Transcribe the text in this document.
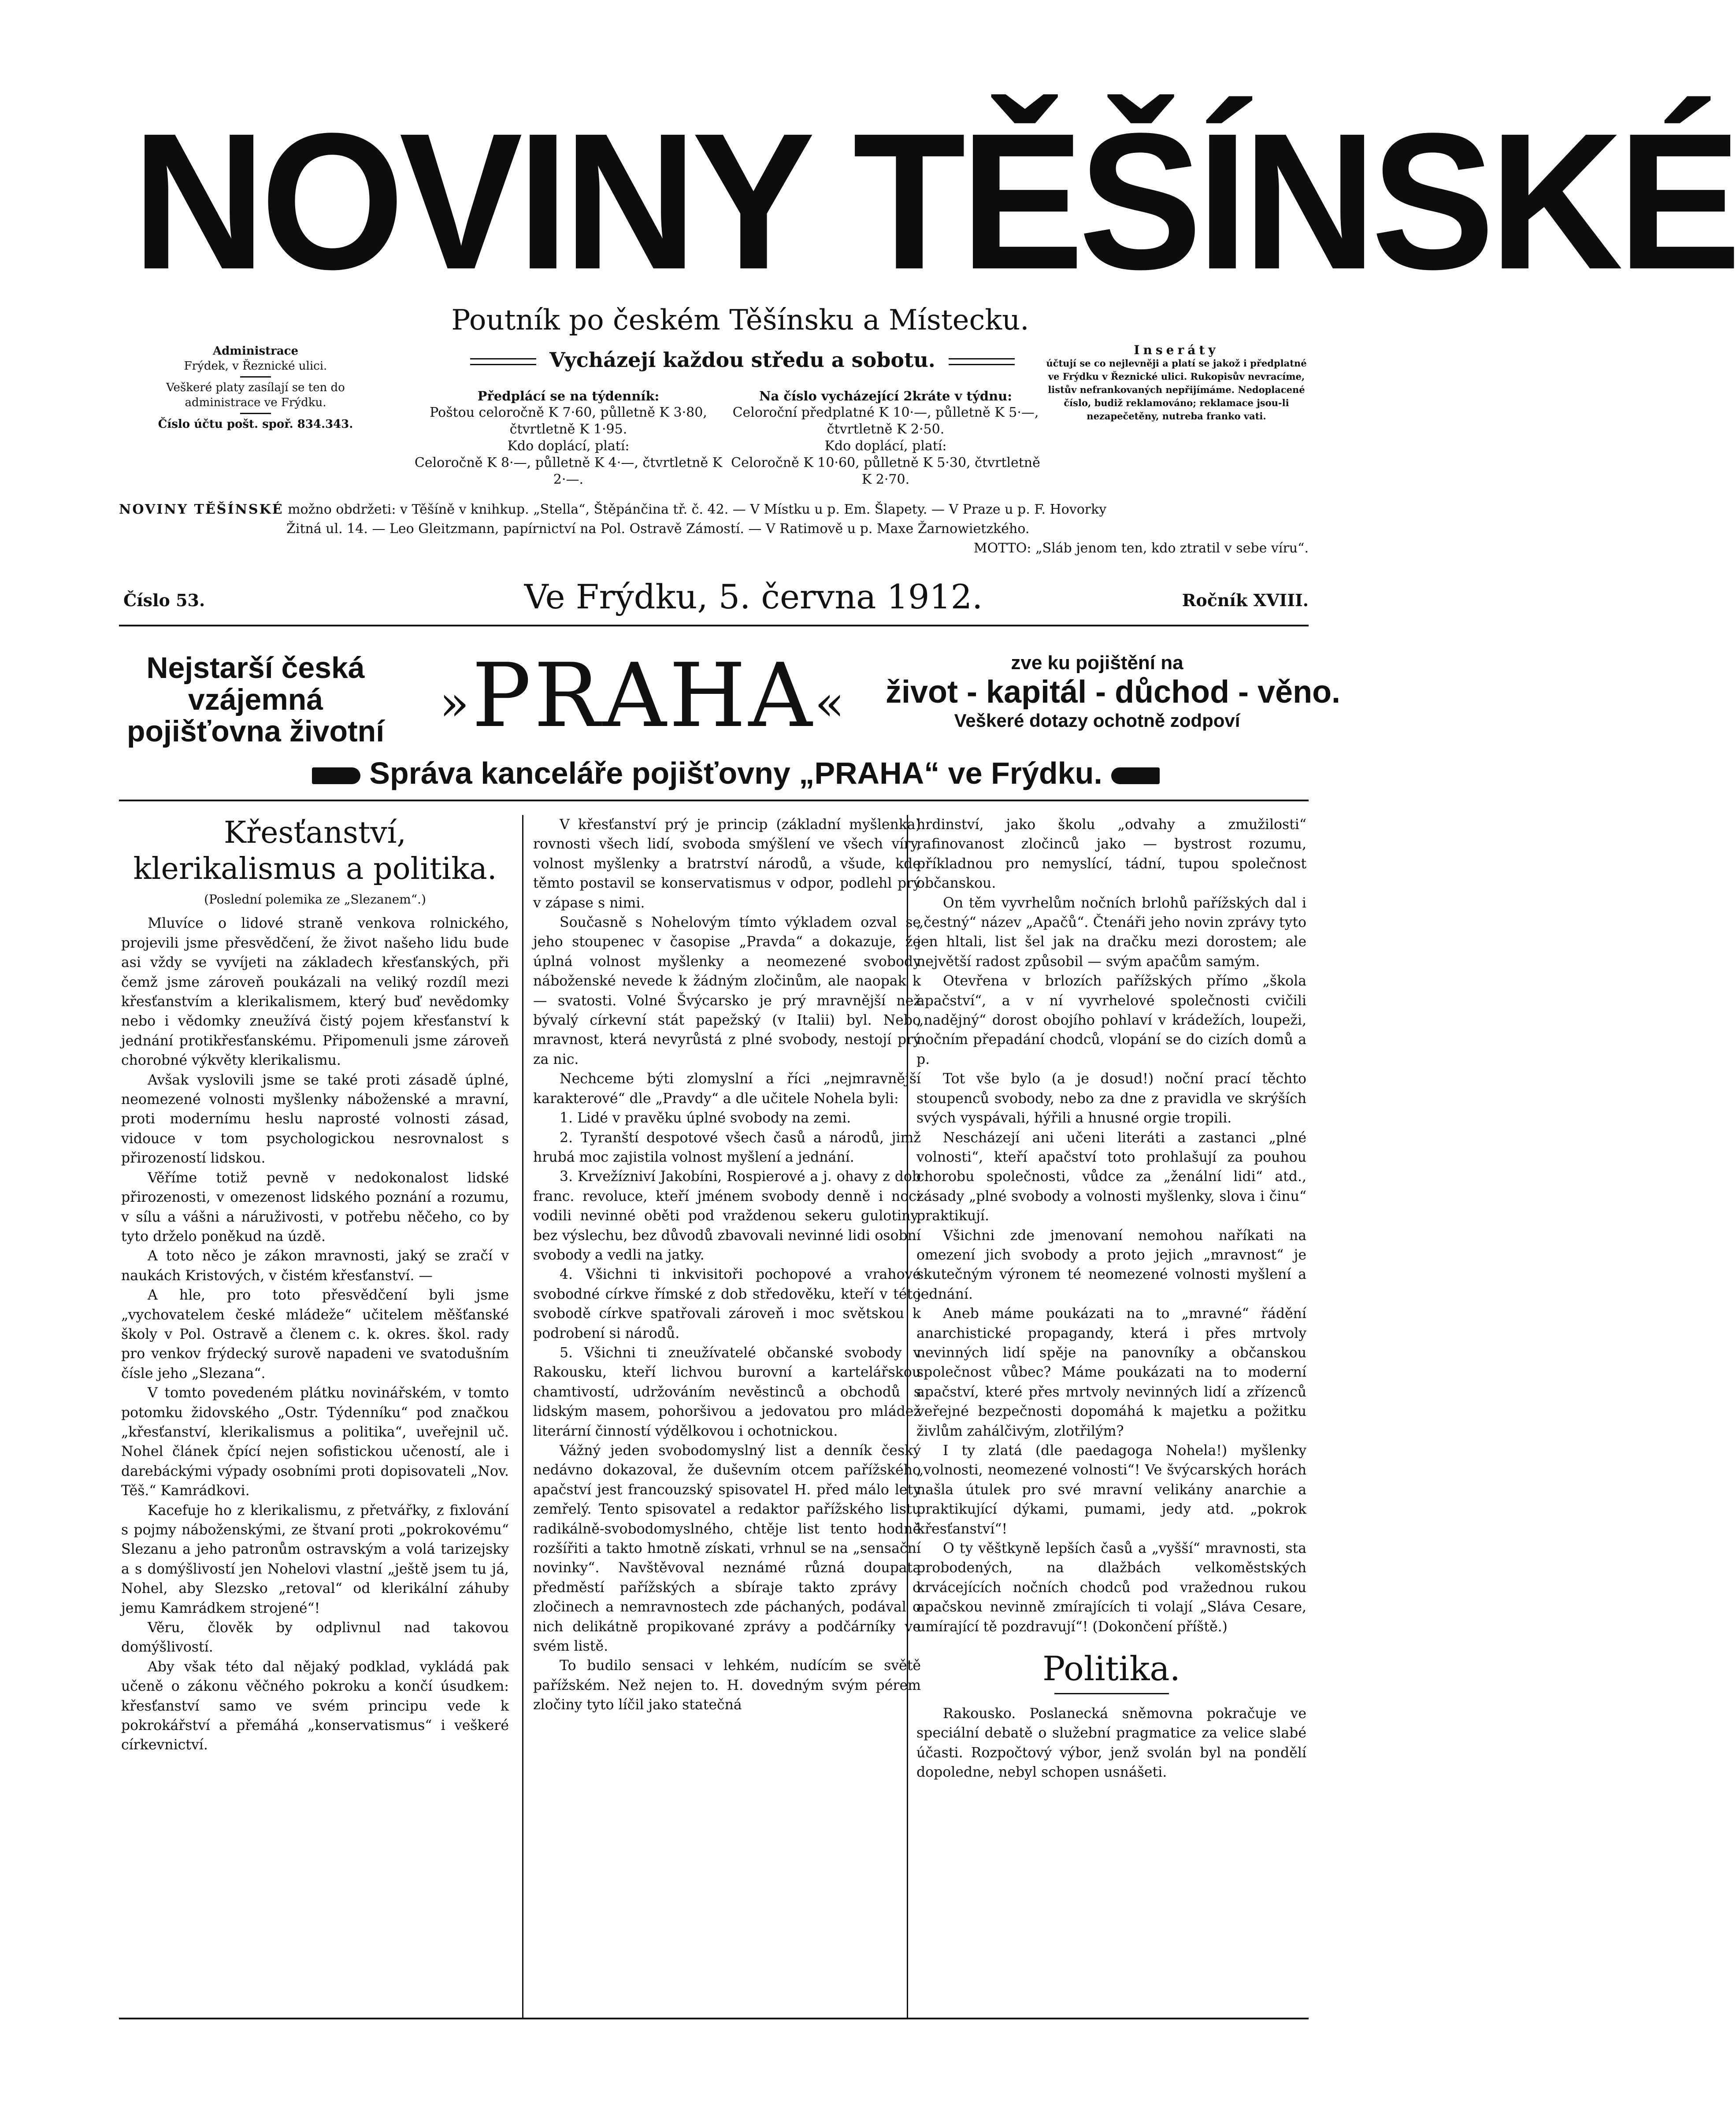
NOVINY TĚŠÍNSKÉ
Poutník po českém Těšínsku a Místecku.
Vycházejí každou středu a sobotu.
Administrace
Frýdek, v Řeznické ulici.
Veškeré platy zasílají se ten do administrace ve Frýdku.
Číslo účtu pošt. spoř. 834.343.
Inseráty
účtují se co nejlevněji a platí se jakož i předplatné ve Frýdku v Řeznické ulici. Rukopisův nevracíme, listův nefrankovaných nepřijímáme. Nedoplacené číslo, budiž reklamováno; reklamace jsou-li nezapečetěny, nutreba franko vati.
Předplácí se na týdenník:
Poštou celoročně K 7·60, půlletně K 3·80, čtvrtletně K 1·95.
Kdo doplácí, platí:
Celoročně K 8·—, půlletně K 4·—, čtvrtletně K 2·—.
Na číslo vycházející 2kráte v týdnu:
Celoroční předplatné K 10·—, půlletně K 5·—, čtvrtletně K 2·50.
Kdo doplácí, platí:
Celoročně K 10·60, půlletně K 5·30, čtvrtletně K 2·70.
NOVINY TĚŠÍNSKÉ možno obdržeti: v Těšíně v knihkup. „Stella“, Štěpánčina tř. č. 42. — V Místku u p. Em. Šlapety. — V Praze u p. F. Hovorky
Žitná ul. 14. — Leo Gleitzmann, papírnictví na Pol. Ostravě Zámostí. — V Ratimově u p. Maxe Žarnowietzkého.
MOTTO: „Sláb jenom ten, kdo ztratil v sebe víru“.
Číslo 53.	Ve Frýdku, 5. června 1912.	Ročník XVIII.
Nejstarší česká vzájemná pojišťovna životní	»PRAHA«
zve ku pojištění na
život - kapitál - důchod - věno.
Veškeré dotazy ochotně zodpoví
Správa kanceláře pojišťovny „PRAHA“ ve Frýdku.
Křesťanství, klerikalismus a politika.
(Poslední polemika ze „Slezanem“.)

Mluvíce o lidové straně venkova rolnického, projevili jsme přesvědčení, že život našeho lidu bude asi vždy se vyvíjeti na základech křesťanských, při čemž jsme zároveň poukázali na veliký rozdíl mezi křesťanstvím a klerikalismem, který buď nevědomky nebo i vědomky zneužívá čistý pojem křesťanství k jednání protikřesťanskému. Připomenuli jsme zároveň chorobné výkvěty klerikalismu.

Avšak vyslovili jsme se také proti zásadě úplné, neomezené volnosti myšlenky náboženské a mravní, proti modernímu heslu naprosté volnosti zásad, vidouce v tom psychologickou nesrovnalost s přirozeností lidskou.

Věříme totiž pevně v nedokonalost lidské přirozenosti, v omezenost lidského poznání a rozumu, v sílu a vášni a náruživosti, v potřebu něčeho, co by tyto drželo poněkud na úzdě.

A toto něco je zákon mravnosti, jaký se zračí v naukách Kristových, v čistém křesťanství. —

A hle, pro toto přesvědčení byli jsme „vychovatelem české mládeže“ učitelem měšťanské školy v Pol. Ostravě a členem c. k. okres. škol. rady pro venkov frýdecký surově napadeni ve svatodušním čísle jeho „Slezana“.

V tomto povedeném plátku novinářském, v tomto potomku židovského „Ostr. Týdenníku“ pod značkou „křesťanství, klerikalismus a politika“, uveřejnil uč. Nohel článek čpící nejen sofistickou učeností, ale i darebáckými výpady osobními proti dopisovateli „Nov. Těš.“ Kamrádkovi.

Kacefuje ho z klerikalismu, z přetvářky, z fixlování s pojmy náboženskými, ze štvaní proti „pokrokovému“ Slezanu a jeho patronům ostravským a volá tarizejsky a s domýšlivostí jen Nohelovi vlastní „ještě jsem tu já, Nohel, aby Slezsko „retoval“ od klerikální záhuby jemu Kamrádkem strojené“!

Věru, člověk by odplivnul nad takovou domýšlivostí.

Aby však této dal nějaký podklad, vykládá pak učeně o zákonu věčného pokroku a končí úsudkem: křesťanství samo ve svém principu vede k pokrokářství a přemáhá „konservatismus“ i veškeré církevnictví.

V křesťanství prý je princip (základní myšlenka) rovnosti všech lidí, svoboda smýšlení ve všech víry, volnost myšlenky a bratrství národů, a všude, kde těmto postavil se konservatismus v odpor, podlehl prý v zápase s nimi.

Současně s Nohelovým tímto výkladem ozval se jeho stoupenec v časopise „Pravda“ a dokazuje, že úplná volnost myšlenky a neomezené svobody náboženské nevede k žádným zločinům, ale naopak k — svatosti. Volné Švýcarsko je prý mravnější než bývalý církevní stát papežský (v Italii) byl. Nebo mravnost, která nevyrůstá z plné svobody, nestojí prý za nic.

Nechceme býti zlomyslní a říci „nejmravnější karakterové“ dle „Pravdy“ a dle učitele Nohela byli:

1. Lidé v pravěku úplné svobody na zemi.

2. Tyranští despotové všech časů a národů, jimž hrubá moc zajistila volnost myšlení a jednání.

3. Krvežízniví Jakobíni, Rospierové a j. ohavy z dob franc. revoluce, kteří jménem svobody denně i noci vodili nevinné oběti pod vraždenou sekeru gulotiny, bez výslechu, bez důvodů zbavovali nevinné lidi osobní svobody a vedli na jatky.

4. Všichni ti inkvisitoři pochopové a vrahové svobodné církve římské z dob středověku, kteří v této svobodě církve spatřovali zároveň i moc světskou k podrobení si národů.

5. Všichni ti zneužívatelé občanské svobody v Rakousku, kteří lichvou burovní a kartelářskou chamtivostí, udržováním nevěstinců a obchodů s lidským masem, pohoršivou a jedovatou pro mládež literární činností výdělkovou i ochotnickou.

Vážný jeden svobodomyslný list a denník český nedávno dokazoval, že duševním otcem pařížského apačství jest francouzský spisovatel H. před málo lety zemřelý. Tento spisovatel a redaktor pařížského listu radikálně-svobodomyslného, chtěje list tento hodně rozšířiti a takto hmotně získati, vrhnul se na „sensační novinky“. Navštěvoval neznámé různá doupata předměstí pařížských a sbíraje takto zprávy o zločinech a nemravnostech zde páchaných, podával o nich delikátně propikované zprávy a podčárníky ve svém listě.

To budilo sensaci v lehkém, nudícím se světě pařížském. Než nejen to. H. dovedným svým pérem zločiny tyto líčil jako statečná

hrdinství, jako školu „odvahy a zmužilosti“ rafinovanost zločinců jako — bystrost rozumu, příkladnou pro nemyslící, tádní, tupou společnost občanskou.

On těm vyvrhelům nočních brlohů pařížských dal i „čestný“ název „Apačů“. Čtenáři jeho novin zprávy tyto jen hltali, list šel jak na dračku mezi dorostem; ale největší radost způsobil — svým apačům samým.

Otevřena v brlozích pařížských přímo „škola apačství“, a v ní vyvrhelové společnosti cvičili „nadějný“ dorost obojího pohlaví v krádežích, loupeži, nočním přepadání chodců, vlopání se do cizích domů a p.

Tot vše bylo (a je dosud!) noční prací těchto stoupenců svobody, nebo za dne z pravidla ve skrýších svých vyspávali, hýřili a hnusné orgie tropili.

Nescházejí ani učeni literáti a zastanci „plné volnosti“, kteří apačství toto prohlašují za pouhou chorobu společnosti, vůdce za „ženální lidi“ atd., zásady „plné svobody a volnosti myšlenky, slova i činu“ praktikují.

Všichni zde jmenovaní nemohou naříkati na omezení jich svobody a proto jejich „mravnost“ je skutečným výronem té neomezené volnosti myšlení a jednání.

Aneb máme poukázati na to „mravné“ řádění anarchistické propagandy, která i přes mrtvoly nevinných lidí spěje na panovníky a občanskou společnost vůbec? Máme poukázati na to moderní apačství, které přes mrtvoly nevinných lidí a zřízenců veřejné bezpečnosti dopomáhá k majetku a požitku živlům zahálčivým, zlotřilým?

I ty zlatá (dle paedagoga Nohela!) myšlenky „volnosti, neomezené volnosti“! Ve švýcarských horách našla útulek pro své mravní velikány anarchie a praktikující dýkami, pumami, jedy atd. „pokrok křesťanství“!

O ty věštkyně lepších časů a „vyšší“ mravnosti, sta probodených, na dlažbách velkoměstských krvácejících nočních chodců pod vražednou rukou apačskou nevinně zmírajících ti volají „Sláva Cesare, umírající tě pozdravují“! (Dokončení příště.)

Politika.

Rakousko. Poslanecká sněmovna pokračuje ve speciální debatě o služební pragmatice za velice slabé účasti. Rozpočtový výbor, jenž svolán byl na pondělí dopoledne, nebyl schopen usnášeti.
